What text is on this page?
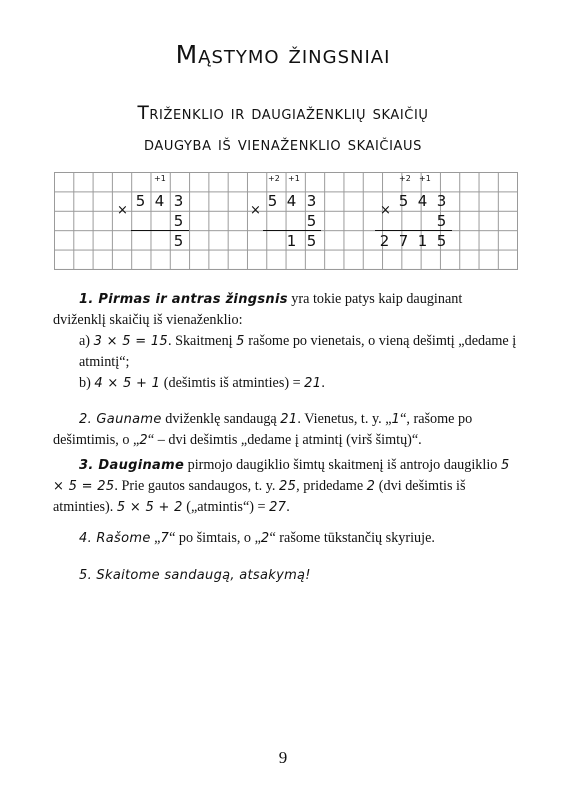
Mąstymo žingsniai
Triženklio ir daugiaženklių skaičių
daugyba iš vienaženklio skaičiaus
+1
×
5 4 3
5
5
+2 +1
×
5 4 3
5
1 5
+2 +1
×
5 4 3
5
2 7 1 5
1. Pirmas ir antras žingsnis yra tokie patys kaip dauginant dviženklį skaičių iš vienaženklio:
a) 3 × 5 = 15. Skaitmenį 5 rašome po vienetais, o vieną dešimtį „dedame į atmintį“;
b) 4 × 5 + 1 (dešimtis iš atminties) = 21.
2. Gauname dviženklę sandaugą 21. Vienetus, t. y. „1“, rašome po dešimtimis, o „2“ – dvi dešimtis „dedame į atmintį (virš šimtų)“.
3. Dauginame pirmojo daugiklio šimtų skaitmenį iš antrojo daugiklio 5 × 5 = 25. Prie gautos sandaugos, t. y. 25, pridedame 2 (dvi dešimtis iš atminties). 5 × 5 + 2 („atmintis“) = 27.
4. Rašome „7“ po šimtais, o „2“ rašome tūkstančių skyriuje.
5. Skaitome sandaugą, atsakymą!
9
